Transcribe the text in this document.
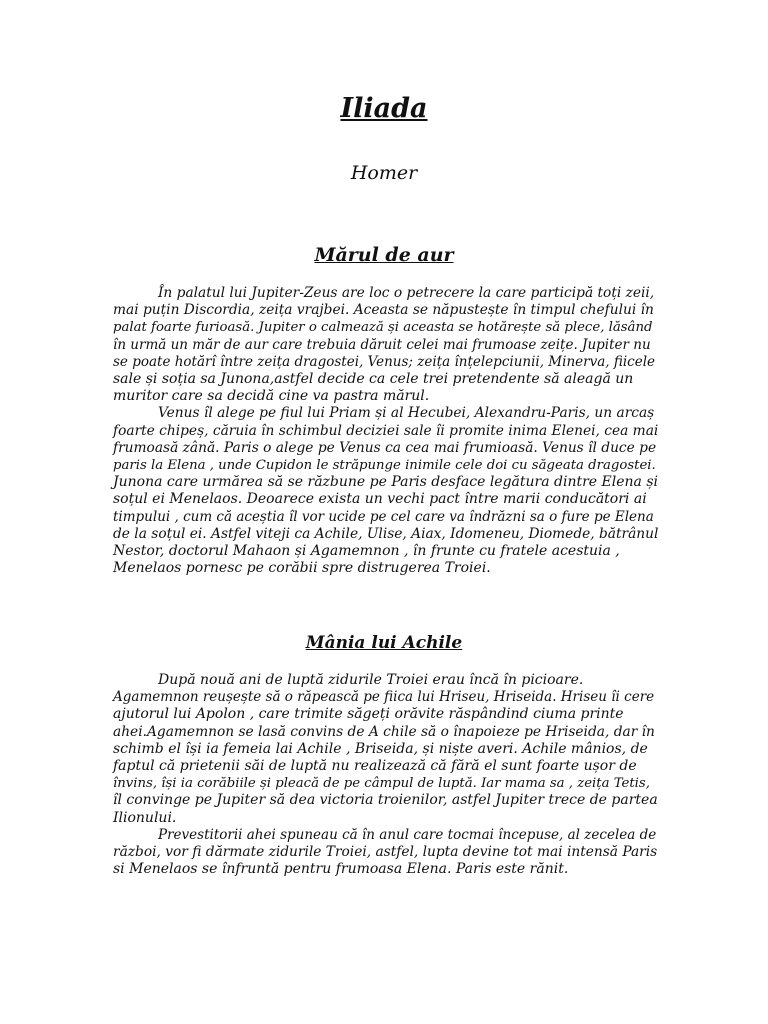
Iliada
Homer
Mărul de aur
În palatul lui Jupiter-Zeus are loc o petrecere la care participă toți zeii,
mai puțin Discordia, zeița vrajbei. Aceasta se năpustește în timpul chefului în
palat foarte furioasă. Jupiter o calmează și aceasta se hotărește să plece, lăsând
în urmă un măr de aur care trebuia dăruit celei mai frumoase zeițe. Jupiter nu
se poate hotărî între zeița dragostei, Venus; zeița înțelepciunii, Minerva, fiicele
sale și soția sa Junona,astfel decide ca cele trei pretendente să aleagă un
muritor care sa decidă cine va pastra mărul.
Venus îl alege pe fiul lui Priam și al Hecubei, Alexandru-Paris, un arcaș
foarte chipeș, căruia în schimbul deciziei sale îi promite inima Elenei, cea mai
frumoasă zână. Paris o alege pe Venus ca cea mai frumioasă. Venus îl duce pe
paris la Elena , unde Cupidon le străpunge inimile cele doi cu săgeata dragostei.
Junona care urmărea să se răzbune pe Paris desface legătura dintre Elena și
soțul ei Menelaos. Deoarece exista un vechi pact între marii conducători ai
timpului , cum că aceștia îl vor ucide pe cel care va îndrăzni sa o fure pe Elena
de la soțul ei. Astfel viteji ca Achile, Ulise, Aiax, Idomeneu, Diomede, bătrânul
Nestor, doctorul Mahaon și Agamemnon , în frunte cu fratele acestuia ,
Menelaos pornesc pe corăbii spre distrugerea Troiei.
Mânia lui Achile
După nouă ani de luptă zidurile Troiei erau încă în picioare.
Agamemnon reușește să o răpească pe fiica lui Hriseu, Hriseida. Hriseu îi cere
ajutorul lui Apolon , care trimite săgeți orăvite răspândind ciuma printe
ahei.Agamemnon se lasă convins de A chile să o înapoieze pe Hriseida, dar în
schimb el își ia femeia lai Achile , Briseida, și niște averi. Achile mânios, de
faptul că prietenii săi de luptă nu realizează că fără el sunt foarte ușor de
învins, își ia corăbiile și pleacă de pe câmpul de luptă. Iar mama sa , zeița Tetis,
îl convinge pe Jupiter să dea victoria troienilor, astfel Jupiter trece de partea
Ilionului.
Prevestitorii ahei spuneau că în anul care tocmai începuse, al zecelea de
război, vor fi dărmate zidurile Troiei, astfel, lupta devine tot mai intensă Paris
si Menelaos se înfruntă pentru frumoasa Elena. Paris este rănit.
